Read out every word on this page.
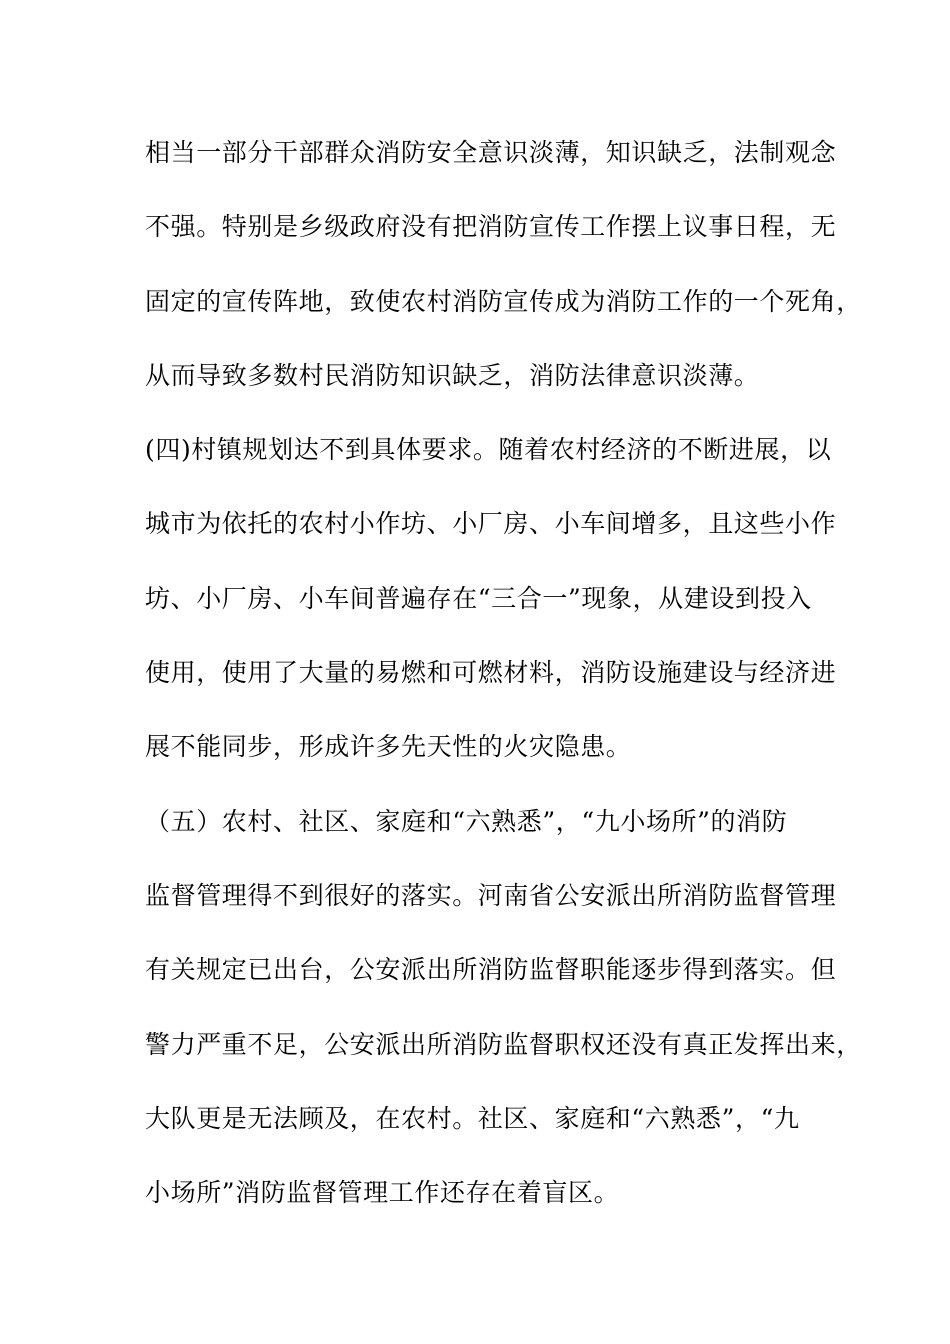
相当一部分干部群众消防安全意识淡薄，知识缺乏，法制观念
不强。特别是乡级政府没有把消防宣传工作摆上议事日程，无
固定的宣传阵地，致使农村消防宣传成为消防工作的一个死角，
从而导致多数村民消防知识缺乏，消防法律意识淡薄。
(四)村镇规划达不到具体要求。随着农村经济的不断进展，以
城市为依托的农村小作坊、小厂房、小车间增多，且这些小作
坊、小厂房、小车间普遍存在“三合一”现象，从建设到投入
使用，使用了大量的易燃和可燃材料，消防设施建设与经济进
展不能同步，形成许多先天性的火灾隐患。
（五）农村、社区、家庭和“六熟悉”，“九小场所”的消防
监督管理得不到很好的落实。河南省公安派出所消防监督管理
有关规定已出台，公安派出所消防监督职能逐步得到落实。但
警力严重不足，公安派出所消防监督职权还没有真正发挥出来，
大队更是无法顾及，在农村。社区、家庭和“六熟悉”，“九
小场所”消防监督管理工作还存在着盲区。
